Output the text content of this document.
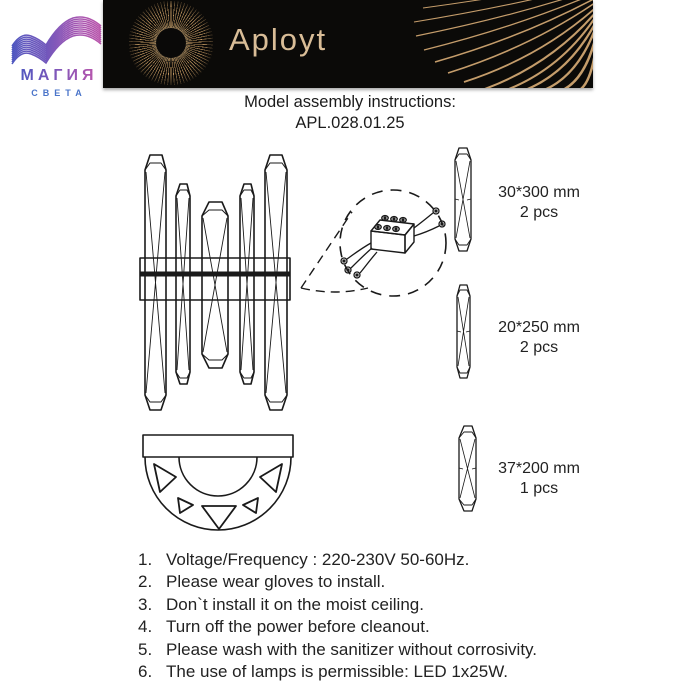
МАГИЯ
СВЕТА
Aployt
Model assembly instructions:
APL.028.01.25
30*300 mm
2 pcs
20*250 mm
2 pcs
37*200 mm
1 pcs
1. Voltage/Frequency : 220-230V 50-60Hz.
2. Please wear gloves to install.
3. Don`t install it on the moist ceiling.
4. Turn off the power before cleanout.
5. Please wash with the sanitizer without corrosivity.
6. The use of lamps is permissible: LED 1x25W.
